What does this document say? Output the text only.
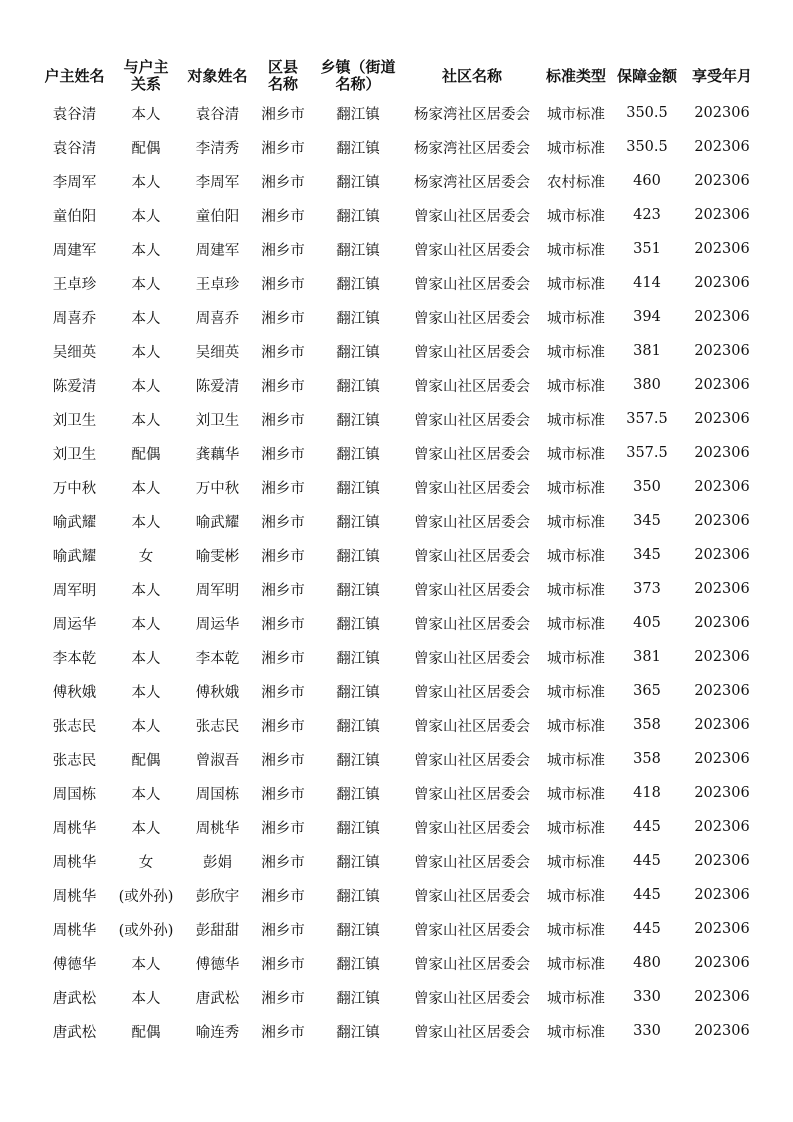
户主姓名	与户主关系	对象姓名	区县名称	乡镇（街道名称）	社区名称	标准类型	保障金额	享受年月
袁谷清	本人	袁谷清	湘乡市	翻江镇	杨家湾社区居委会	城市标准	350.5	202306
袁谷清	配偶	李清秀	湘乡市	翻江镇	杨家湾社区居委会	城市标准	350.5	202306
李周军	本人	李周军	湘乡市	翻江镇	杨家湾社区居委会	农村标准	460	202306
童伯阳	本人	童伯阳	湘乡市	翻江镇	曾家山社区居委会	城市标准	423	202306
周建军	本人	周建军	湘乡市	翻江镇	曾家山社区居委会	城市标准	351	202306
王卓珍	本人	王卓珍	湘乡市	翻江镇	曾家山社区居委会	城市标准	414	202306
周喜乔	本人	周喜乔	湘乡市	翻江镇	曾家山社区居委会	城市标准	394	202306
吴细英	本人	吴细英	湘乡市	翻江镇	曾家山社区居委会	城市标准	381	202306
陈爱清	本人	陈爱清	湘乡市	翻江镇	曾家山社区居委会	城市标准	380	202306
刘卫生	本人	刘卫生	湘乡市	翻江镇	曾家山社区居委会	城市标准	357.5	202306
刘卫生	配偶	龚藕华	湘乡市	翻江镇	曾家山社区居委会	城市标准	357.5	202306
万中秋	本人	万中秋	湘乡市	翻江镇	曾家山社区居委会	城市标准	350	202306
喻武耀	本人	喻武耀	湘乡市	翻江镇	曾家山社区居委会	城市标准	345	202306
喻武耀	女	喻雯彬	湘乡市	翻江镇	曾家山社区居委会	城市标准	345	202306
周军明	本人	周军明	湘乡市	翻江镇	曾家山社区居委会	城市标准	373	202306
周运华	本人	周运华	湘乡市	翻江镇	曾家山社区居委会	城市标准	405	202306
李本乾	本人	李本乾	湘乡市	翻江镇	曾家山社区居委会	城市标准	381	202306
傅秋娥	本人	傅秋娥	湘乡市	翻江镇	曾家山社区居委会	城市标准	365	202306
张志民	本人	张志民	湘乡市	翻江镇	曾家山社区居委会	城市标准	358	202306
张志民	配偶	曾淑吾	湘乡市	翻江镇	曾家山社区居委会	城市标准	358	202306
周国栋	本人	周国栋	湘乡市	翻江镇	曾家山社区居委会	城市标准	418	202306
周桃华	本人	周桃华	湘乡市	翻江镇	曾家山社区居委会	城市标准	445	202306
周桃华	女	彭娟	湘乡市	翻江镇	曾家山社区居委会	城市标准	445	202306
周桃华	(或外孙)	彭欣宇	湘乡市	翻江镇	曾家山社区居委会	城市标准	445	202306
周桃华	(或外孙)	彭甜甜	湘乡市	翻江镇	曾家山社区居委会	城市标准	445	202306
傅德华	本人	傅德华	湘乡市	翻江镇	曾家山社区居委会	城市标准	480	202306
唐武松	本人	唐武松	湘乡市	翻江镇	曾家山社区居委会	城市标准	330	202306
唐武松	配偶	喻连秀	湘乡市	翻江镇	曾家山社区居委会	城市标准	330	202306
